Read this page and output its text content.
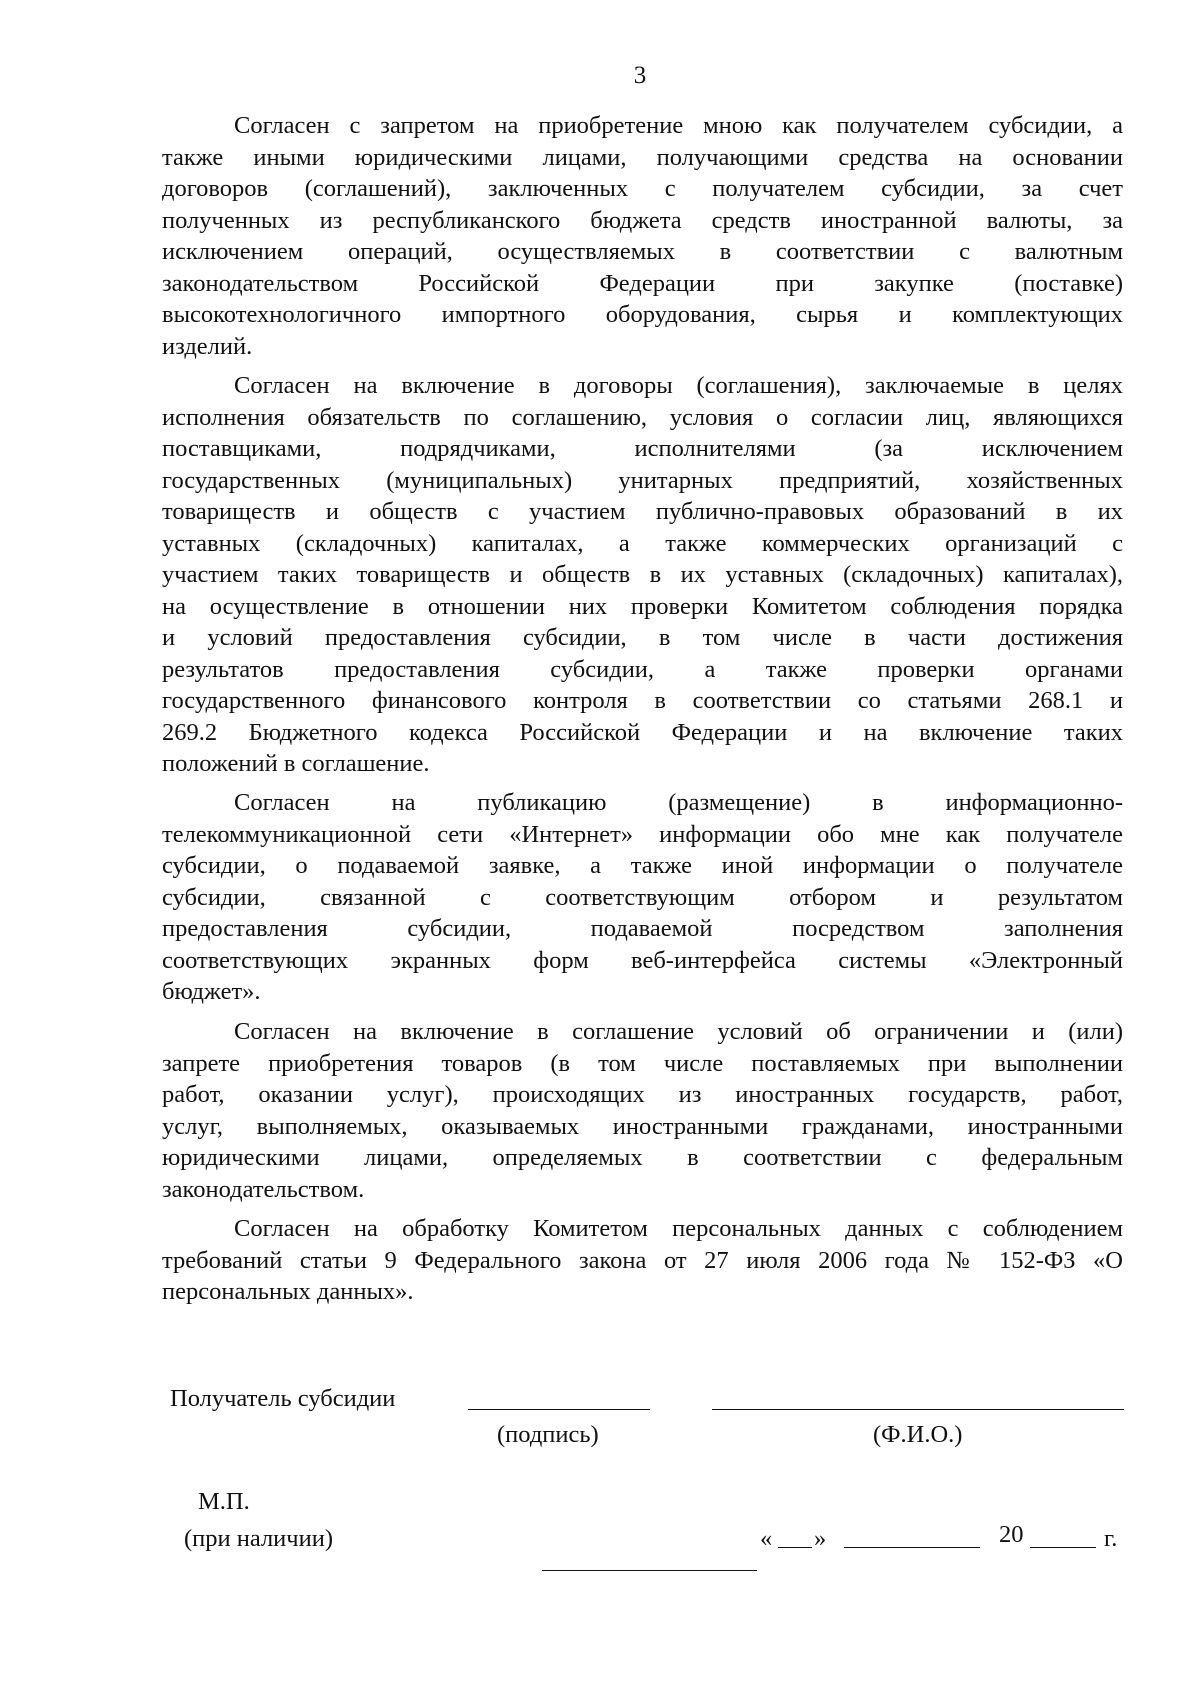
3
Согласен с запретом на приобретение мною как получателем субсидии, а
также иными юридическими лицами, получающими средства на основании
договоров (соглашений), заключенных с получателем субсидии, за счет
полученных из республиканского бюджета средств иностранной валюты, за
исключением операций, осуществляемых в соответствии с валютным
законодательством Российской Федерации при закупке (поставке)
высокотехнологичного импортного оборудования, сырья и комплектующих
изделий.
Согласен на включение в договоры (соглашения), заключаемые в целях
исполнения обязательств по соглашению, условия о согласии лиц, являющихся
поставщиками, подрядчиками, исполнителями (за исключением
государственных (муниципальных) унитарных предприятий, хозяйственных
товариществ и обществ с участием публично-правовых образований в их
уставных (складочных) капиталах, а также коммерческих организаций с
участием таких товариществ и обществ в их уставных (складочных) капиталах),
на осуществление в отношении них проверки Комитетом соблюдения порядка
и условий предоставления субсидии, в том числе в части достижения
результатов предоставления субсидии, а также проверки органами
государственного финансового контроля в соответствии со статьями 268.1 и
269.2 Бюджетного кодекса Российской Федерации и на включение таких
положений в соглашение.
Согласен на публикацию (размещение) в информационно-
телекоммуникационной сети «Интернет» информации обо мне как получателе
субсидии, о подаваемой заявке, а также иной информации о получателе
субсидии, связанной с соответствующим отбором и результатом
предоставления субсидии, подаваемой посредством заполнения
соответствующих экранных форм веб-интерфейса системы «Электронный
бюджет».
Согласен на включение в соглашение условий об ограничении и (или)
запрете приобретения товаров (в том числе поставляемых при выполнении
работ, оказании услуг), происходящих из иностранных государств, работ,
услуг, выполняемых, оказываемых иностранными гражданами, иностранными
юридическими лицами, определяемых в соответствии с федеральным
законодательством.
Согласен на обработку Комитетом персональных данных с соблюдением
требований статьи 9 Федерального закона от 27 июля 2006 года № 152-ФЗ «О
персональных данных».
Получатель субсидии
(подпись)	(Ф.И.О.)
М.П.
(при наличии)	« »	20	г.
